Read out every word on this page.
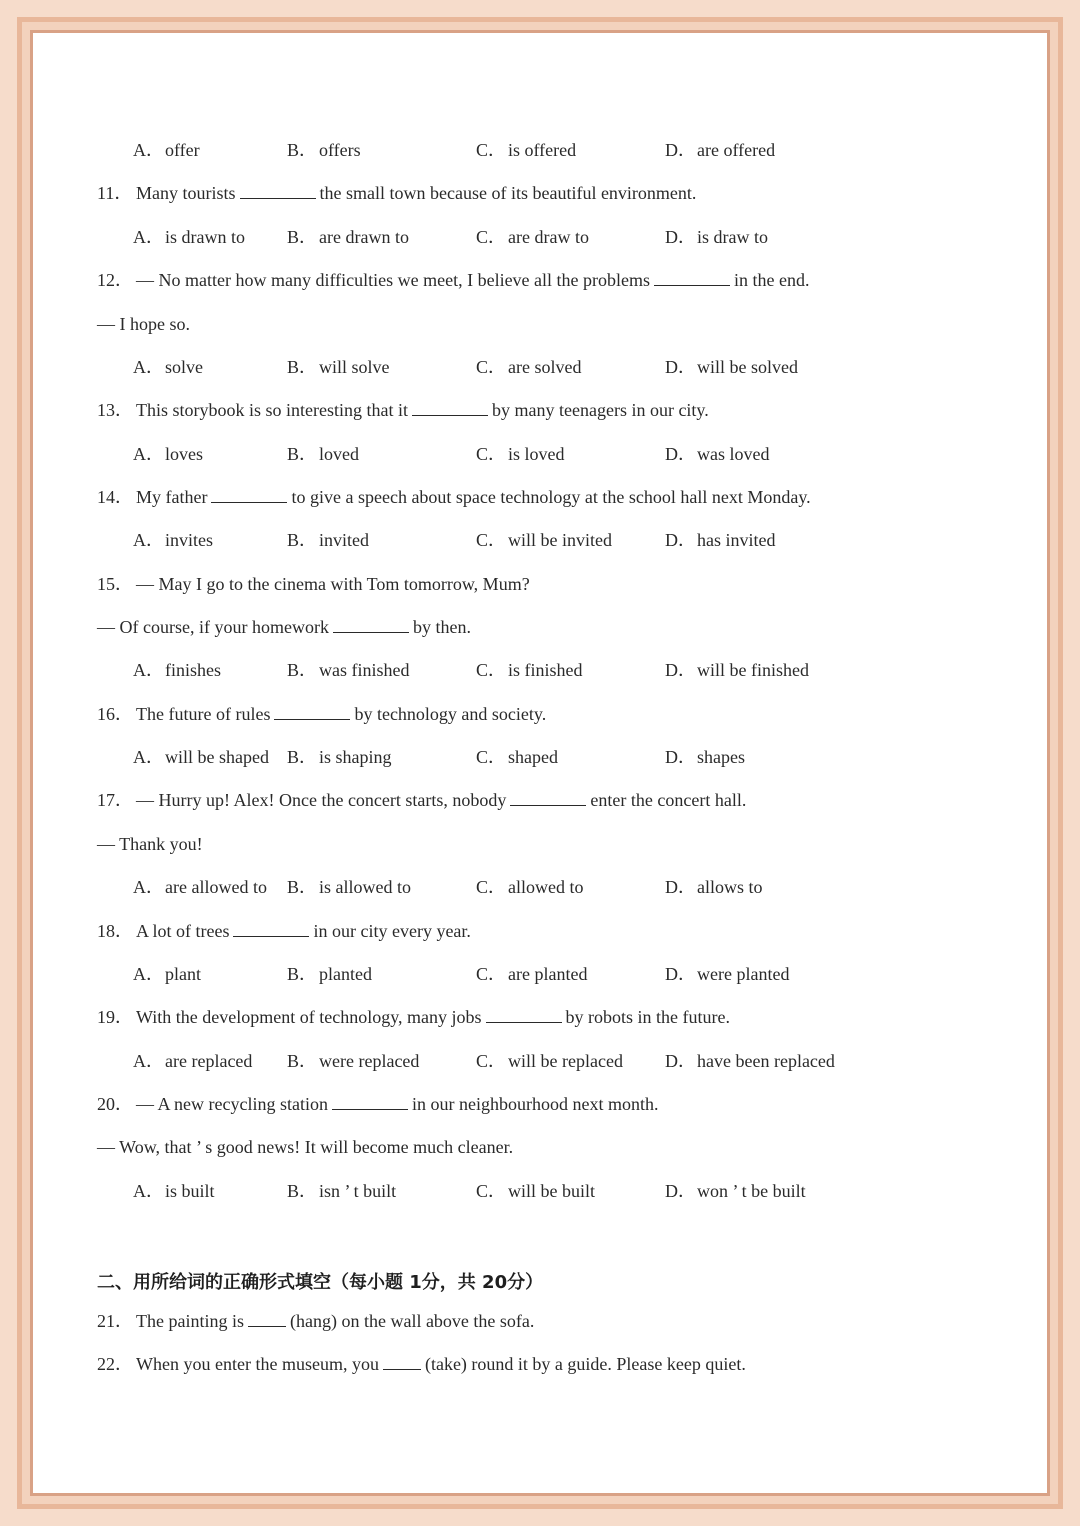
A．offer	B． offers	C． is offered	D．are offered
11． Many tourists	the small town because of its beautiful environment.
A．is drawn to B． are drawn to	C． are draw to	D．is draw to
12． — No matter how many difficulties we meet, I believe all the problems	in the end.
— I hope so.
A．solve	B． will solve	C． are solved	D．will be solved
13． This storybook is so interesting that it	by many teenagers in our city.
A．loves	B． loved	C． is loved	D．was loved
14． My father	to give a speech about space technology at the school hall next Monday.
A．invites	B． invited	C． will be invited	D．has invited
15． — May I go to the cinema with Tom tomorrow, Mum?
— Of course, if your homework	by then.
A．finishes	B． was finished	C． is finished	D．will be finished
16． The future of rules	by technology and society.
A．will be shaped B． is shaping	C． shaped	D．shapes
17． — Hurry up! Alex! Once the concert starts, nobody	enter the concert hall.
— Thank you!
A．are allowed to B． is allowed to	C． allowed to	D．allows to
18． A lot of trees	in our city every year.
A．plant	B． planted	C． are planted	D．were planted
19． With the development of technology, many jobs	by robots in the future.
A．are replaced B． were replaced	C． will be replaced D．have been replaced
20． — A new recycling station	in our neighbourhood next month.
— Wow, that ’ s good news! It will become much cleaner.
A．is built	B． isn ’ t built	C． will be built	D．won ’ t be built
二、用所给词的正确形式填空（每小题 1分，共 20分）
21． The painting is	(hang) on the wall above the sofa.
22． When you enter the museum, you	(take) round it by a guide. Please keep quiet.
